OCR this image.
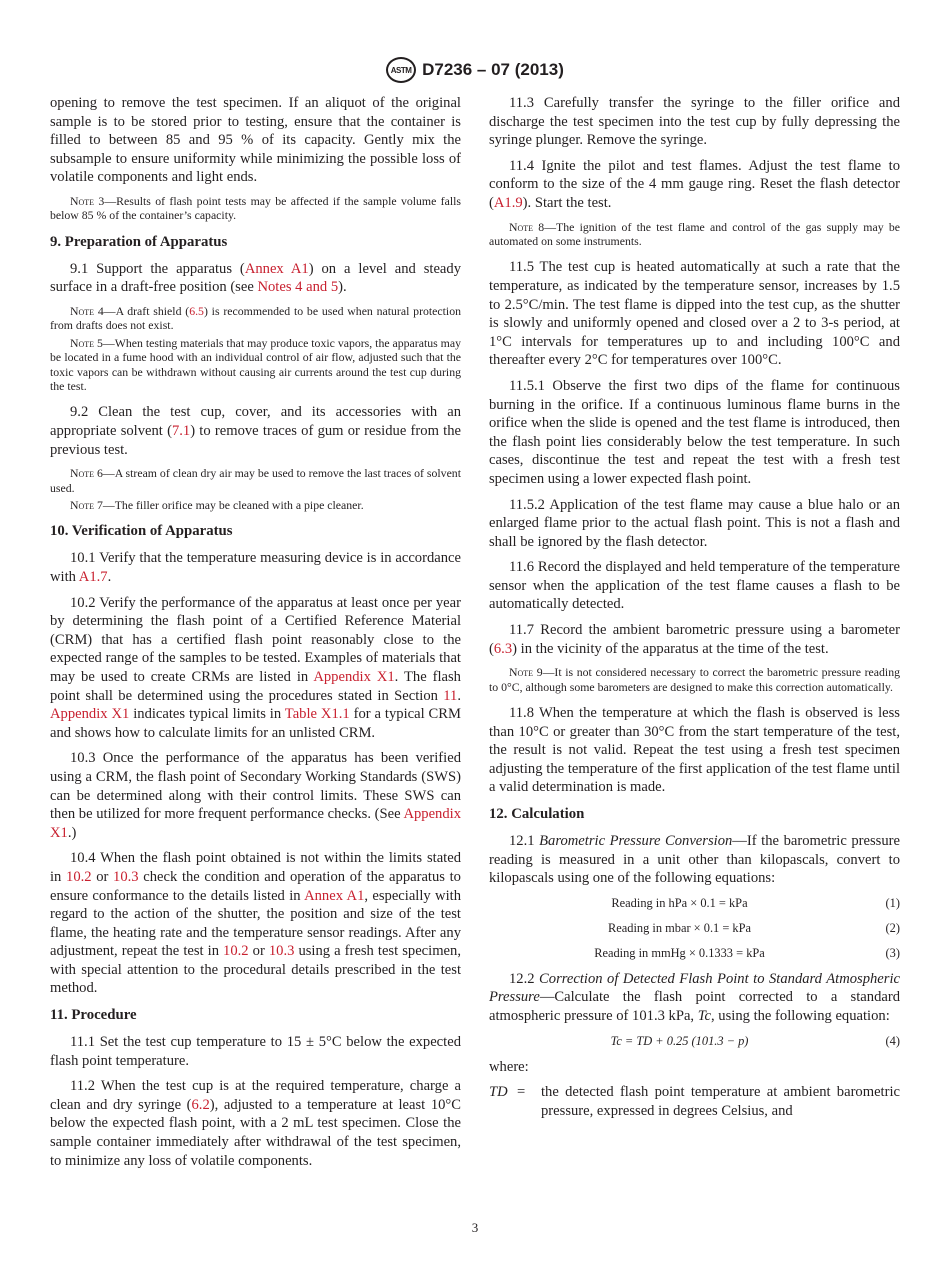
ASTM D7236 – 07 (2013)

opening to remove the test specimen. If an aliquot of the original sample is to be stored prior to testing, ensure that the container is filled to between 85 and 95 % of its capacity. Gently mix the subsample to ensure uniformity while minimizing the possible loss of volatile components and light ends.

Note 3—Results of flash point tests may be affected if the sample volume falls below 85 % of the container’s capacity.

9. Preparation of Apparatus

9.1 Support the apparatus (Annex A1) on a level and steady surface in a draft-free position (see Notes 4 and 5).

Note 4—A draft shield (6.5) is recommended to be used when natural protection from drafts does not exist.

Note 5—When testing materials that may produce toxic vapors, the apparatus may be located in a fume hood with an individual control of air flow, adjusted such that the toxic vapors can be withdrawn without causing air currents around the test cup during the test.

9.2 Clean the test cup, cover, and its accessories with an appropriate solvent (7.1) to remove traces of gum or residue from the previous test.

Note 6—A stream of clean dry air may be used to remove the last traces of solvent used.

Note 7—The filler orifice may be cleaned with a pipe cleaner.

10. Verification of Apparatus

10.1 Verify that the temperature measuring device is in accordance with A1.7.

10.2 Verify the performance of the apparatus at least once per year by determining the flash point of a Certified Reference Material (CRM) that has a certified flash point reasonably close to the expected range of the samples to be tested. Examples of materials that may be used to create CRMs are listed in Appendix X1. The flash point shall be determined using the procedures stated in Section 11. Appendix X1 indicates typical limits in Table X1.1 for a typical CRM and shows how to calculate limits for an unlisted CRM.

10.3 Once the performance of the apparatus has been verified using a CRM, the flash point of Secondary Working Standards (SWS) can be determined along with their control limits. These SWS can then be utilized for more frequent performance checks. (See Appendix X1.)

10.4 When the flash point obtained is not within the limits stated in 10.2 or 10.3 check the condition and operation of the apparatus to ensure conformance to the details listed in Annex A1, especially with regard to the action of the shutter, the position and size of the test flame, the heating rate and the temperature sensor readings. After any adjustment, repeat the test in 10.2 or 10.3 using a fresh test specimen, with special attention to the procedural details prescribed in the test method.

11. Procedure

11.1 Set the test cup temperature to 15 ± 5°C below the expected flash point temperature.

11.2 When the test cup is at the required temperature, charge a clean and dry syringe (6.2), adjusted to a temperature at least 10°C below the expected flash point, with a 2 mL test specimen. Close the sample container immediately after withdrawal of the test specimen, to minimize any loss of volatile components.

11.3 Carefully transfer the syringe to the filler orifice and discharge the test specimen into the test cup by fully depressing the syringe plunger. Remove the syringe.

11.4 Ignite the pilot and test flames. Adjust the test flame to conform to the size of the 4 mm gauge ring. Reset the flash detector (A1.9). Start the test.

Note 8—The ignition of the test flame and control of the gas supply may be automated on some instruments.

11.5 The test cup is heated automatically at such a rate that the temperature, as indicated by the temperature sensor, increases by 1.5 to 2.5°C/min. The test flame is dipped into the test cup, as the shutter is slowly and uniformly opened and closed over a 2 to 3-s period, at 1°C intervals for temperatures up to and including 100°C and thereafter every 2°C for temperatures over 100°C.

11.5.1 Observe the first two dips of the flame for continuous burning in the orifice. If a continuous luminous flame burns in the orifice when the slide is opened and the test flame is introduced, then the flash point lies considerably below the test temperature. In such cases, discontinue the test and repeat the test with a fresh test specimen using a lower expected flash point.

11.5.2 Application of the test flame may cause a blue halo or an enlarged flame prior to the actual flash point. This is not a flash and shall be ignored by the flash detector.

11.6 Record the displayed and held temperature of the temperature sensor when the application of the test flame causes a flash to be automatically detected.

11.7 Record the ambient barometric pressure using a barometer (6.3) in the vicinity of the apparatus at the time of the test.

Note 9—It is not considered necessary to correct the barometric pressure reading to 0°C, although some barometers are designed to make this correction automatically.

11.8 When the temperature at which the flash is observed is less than 10°C or greater than 30°C from the start temperature of the test, the result is not valid. Repeat the test using a fresh test specimen adjusting the temperature of the first application of the test flame until a valid determination is made.

12. Calculation

12.1 Barometric Pressure Conversion—If the barometric pressure reading is measured in a unit other than kilopascals, convert to kilopascals using one of the following equations:

Reading in hPa × 0.1 = kPa	(1)
Reading in mbar × 0.1 = kPa	(2)
Reading in mmHg × 0.1333 = kPa	(3)

12.2 Correction of Detected Flash Point to Standard Atmospheric Pressure—Calculate the flash point corrected to a standard atmospheric pressure of 101.3 kPa, Tc, using the following equation:

Tc = TD + 0.25 (101.3 − p)	(4)

where:

TD =	the detected flash point temperature at ambient barometric pressure, expressed in degrees Celsius, and
3
